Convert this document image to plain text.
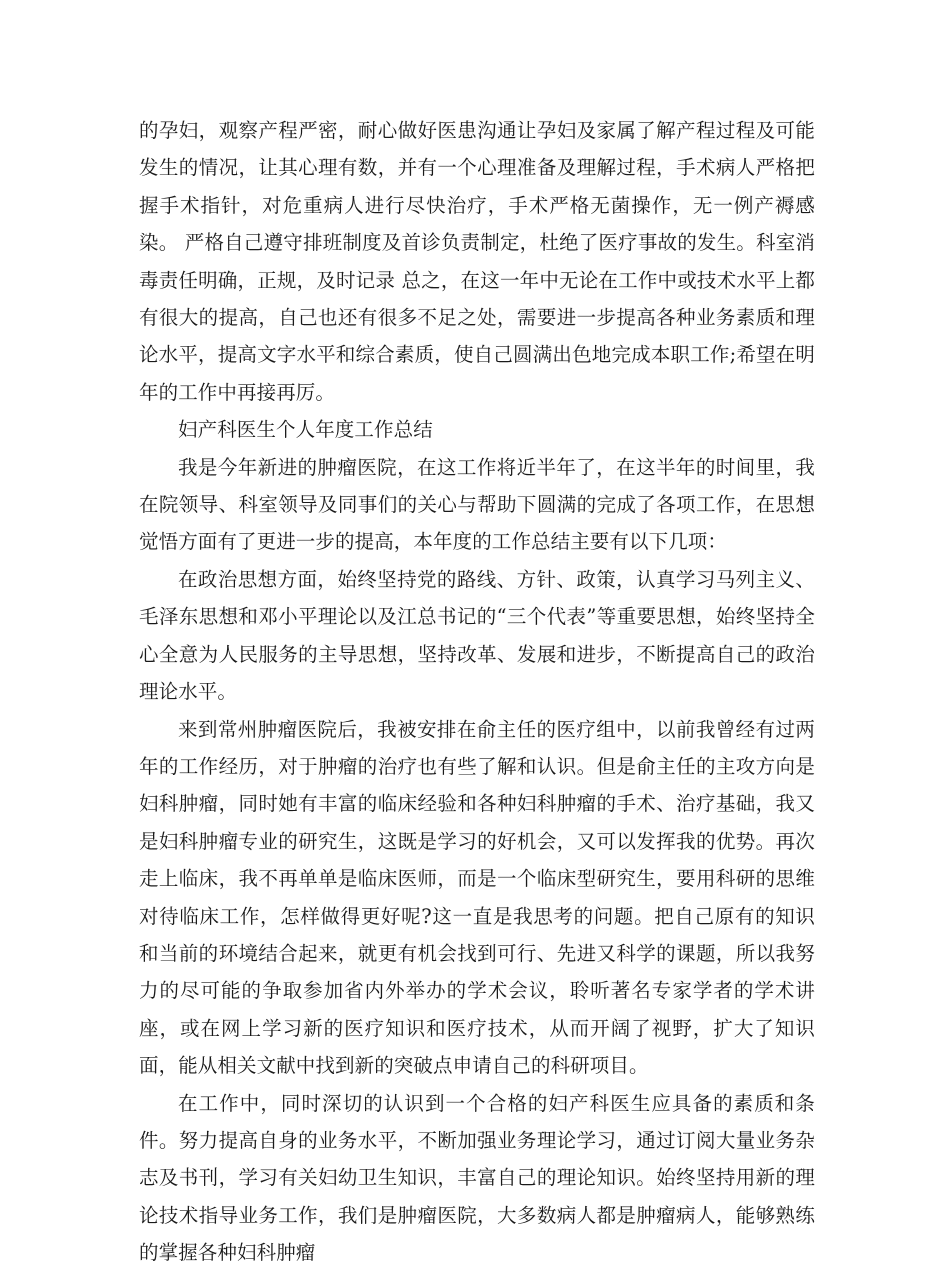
的孕妇，观察产程严密，耐心做好医患沟通让孕妇及家属了解产程过程及可能发生的情况，让其心理有数，并有一个心理准备及理解过程，手术病人严格把握手术指针，对危重病人进行尽快治疗，手术严格无菌操作，无一例产褥感染。 严格自己遵守排班制度及首诊负责制定，杜绝了医疗事故的发生。科室消毒责任明确，正规，及时记录 总之，在这一年中无论在工作中或技术水平上都有很大的提高，自己也还有很多不足之处，需要进一步提高各种业务素质和理论水平，提高文字水平和综合素质，使自己圆满出色地完成本职工作;希望在明年的工作中再接再厉。

妇产科医生个人年度工作总结

我是今年新进的肿瘤医院，在这工作将近半年了，在这半年的时间里，我在院领导、科室领导及同事们的关心与帮助下圆满的完成了各项工作，在思想觉悟方面有了更进一步的提高，本年度的工作总结主要有以下几项：

在政治思想方面，始终坚持党的路线、方针、政策，认真学习马列主义、毛泽东思想和邓小平理论以及江总书记的“三个代表”等重要思想，始终坚持全心全意为人民服务的主导思想，坚持改革、发展和进步，不断提高自己的政治理论水平。

来到常州肿瘤医院后，我被安排在俞主任的医疗组中，以前我曾经有过两年的工作经历，对于肿瘤的治疗也有些了解和认识。但是俞主任的主攻方向是妇科肿瘤，同时她有丰富的临床经验和各种妇科肿瘤的手术、治疗基础，我又是妇科肿瘤专业的研究生，这既是学习的好机会，又可以发挥我的优势。再次走上临床，我不再单单是临床医师，而是一个临床型研究生，要用科研的思维对待临床工作，怎样做得更好呢?这一直是我思考的问题。把自己原有的知识和当前的环境结合起来，就更有机会找到可行、先进又科学的课题，所以我努力的尽可能的争取参加省内外举办的学术会议，聆听著名专家学者的学术讲座，或在网上学习新的医疗知识和医疗技术，从而开阔了视野，扩大了知识面，能从相关文献中找到新的突破点申请自己的科研项目。

在工作中，同时深切的认识到一个合格的妇产科医生应具备的素质和条件。努力提高自身的业务水平，不断加强业务理论学习，通过订阅大量业务杂志及书刊，学习有关妇幼卫生知识，丰富自己的理论知识。始终坚持用新的理论技术指导业务工作，我们是肿瘤医院，大多数病人都是肿瘤病人，能够熟练的掌握各种妇科肿瘤
